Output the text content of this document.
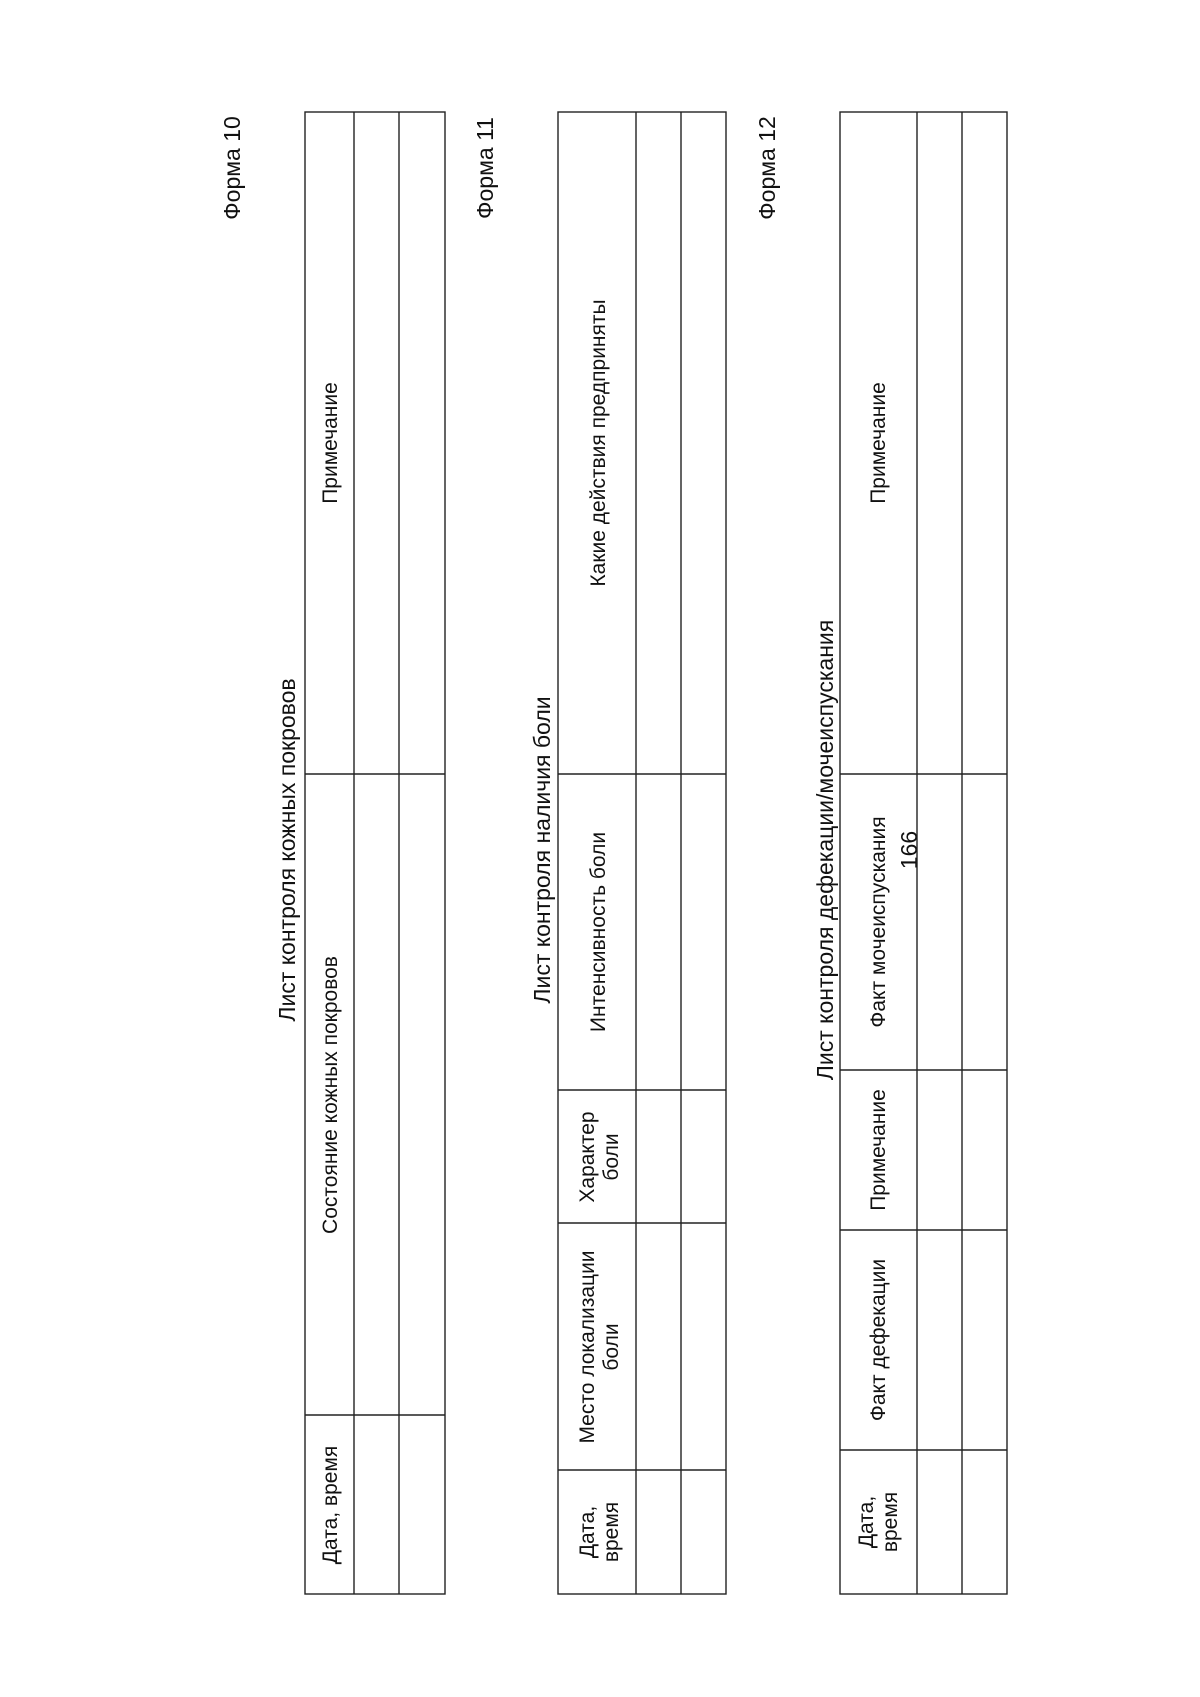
166
Форма 10
Лист контроля кожных покровов
Дата, время
Состояние кожных покровов
Примечание
Форма 11
Лист контроля наличия боли
Дата, время
Место локализации боли
Характер боли
Интенсивность боли
Какие действия предприняты
Форма 12
Лист контроля дефекации/мочеиспускания
Дата, время
Факт дефекации
Примечание
Факт мочеиспускания
Примечание
